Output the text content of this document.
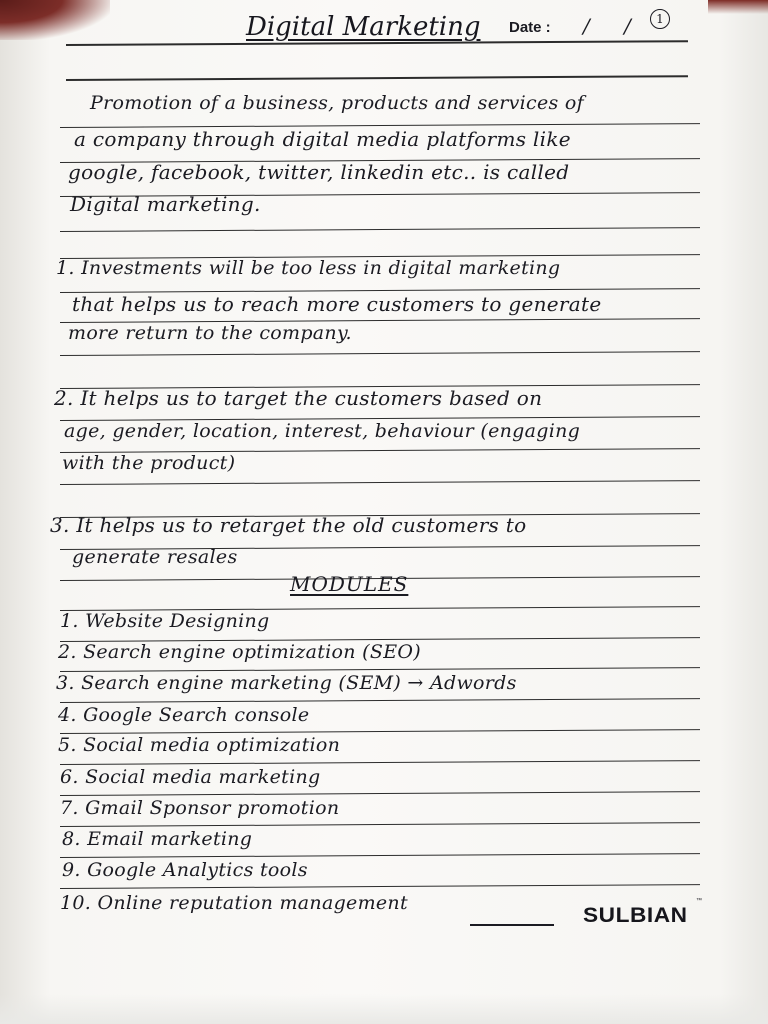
Digital Marketing Date : / / 1
Promotion of a business, products and services of
a company through digital media platforms like
google, facebook, twitter, linkedin etc.. is called
Digital marketing.
1. Investments will be too less in digital marketing
that helps us to reach more customers to generate
more return to the company.
2. It helps us to target the customers based on
age, gender, location, interest, behaviour (engaging
with the product)
3. It helps us to retarget the old customers to
generate resales
MODULES
1. Website Designing
2. Search engine optimization (SEO)
3. Search engine marketing (SEM) → Adwords
4. Google Search console
5. Social media optimization
6. Social media marketing
7. Gmail Sponsor promotion
8. Email marketing
9. Google Analytics tools
10. Online reputation management
SULBIAN
™
